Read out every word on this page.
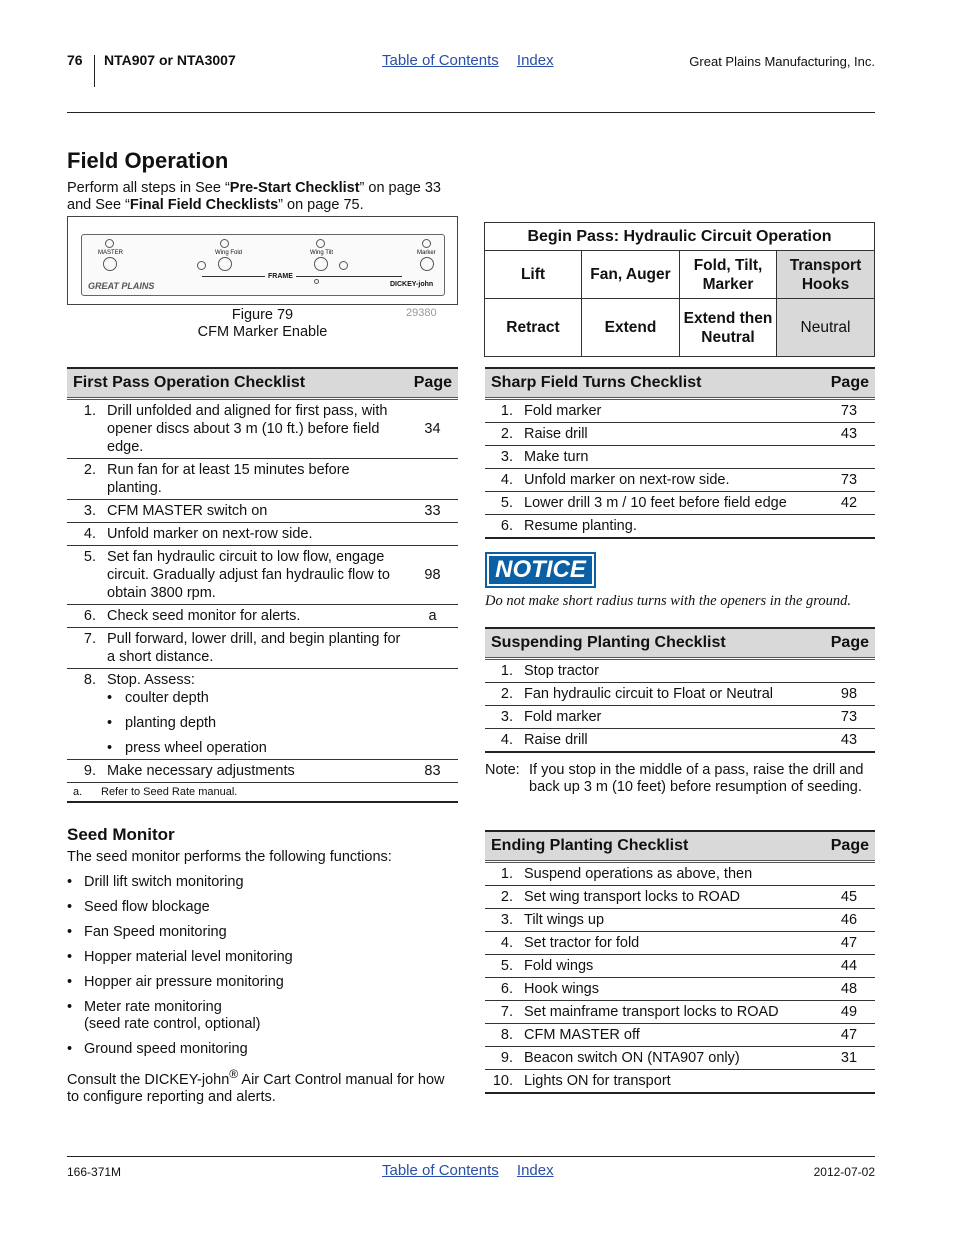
76 NTA907 or NTA3007	Table of Contents Index	Great Plains Manufacturing, Inc.
Field Operation
Perform all steps in See “Pre-Start Checklist” on page 33 and See “Final Field Checklists” on page 75.
MASTER	Wing Fold	Wing Tilt	Marker
FRAME
GREAT PLAINS	DICKEY-john
Figure 79
CFM Marker Enable
29380
First Pass Operation Checklist		Page
1.	Drill unfolded and aligned for first pass, with opener discs about 3 m (10 ft.) before field edge.	34
2.	Run fan for at least 15 minutes before planting.	
3.	CFM MASTER switch on	33
4.	Unfold marker on next-row side.	
5.	Set fan hydraulic circuit to low flow, engage circuit. Gradually adjust fan hydraulic flow to obtain 3800 rpm.	98
6.	Check seed monitor for alerts.	a
7.	Pull forward, lower drill, and begin planting for a short distance.	
8.	Stop. Assess:
• coulter depth
• planting depth
• press wheel operation

9.	Make necessary adjustments	83
a. Refer to Seed Rate manual.		
Seed Monitor
The seed monitor performs the following functions:
• Drill lift switch monitoring
• Seed flow blockage
• Fan Speed monitoring
• Hopper material level monitoring
• Hopper air pressure monitoring
• Meter rate monitoring
(seed rate control, optional)
• Ground speed monitoring
Consult the DICKEY-john® Air Cart Control manual for how to configure reporting and alerts.
Begin Pass: Hydraulic Circuit Operation			
Lift	Fan, Auger	Fold, Tilt, Marker	Transport Hooks
Retract	Extend	Extend then Neutral	Neutral
Sharp Field Turns Checklist		Page
1.	Fold marker	73
2.	Raise drill	43
3.	Make turn	
4.	Unfold marker on next-row side.	73
5.	Lower drill 3 m / 10 feet before field edge	42
6.	Resume planting.	
NOTICE
Do not make short radius turns with the openers in the ground.
Suspending Planting Checklist		Page
1.	Stop tractor	
2.	Fan hydraulic circuit to Float or Neutral	98
3.	Fold marker	73
4.	Raise drill	43
Note: If you stop in the middle of a pass, raise the drill and back up 3 m (10 feet) before resumption of seeding.
Ending Planting Checklist		Page
1.	Suspend operations as above, then	
2.	Set wing transport locks to ROAD	45
3.	Tilt wings up	46
4.	Set tractor for fold	47
5.	Fold wings	44
6.	Hook wings	48
7.	Set mainframe transport locks to ROAD	49
8.	CFM MASTER off	47
9.	Beacon switch ON (NTA907 only)	31
10.	Lights ON for transport	
166-371M	Table of Contents Index	2012-07-02
